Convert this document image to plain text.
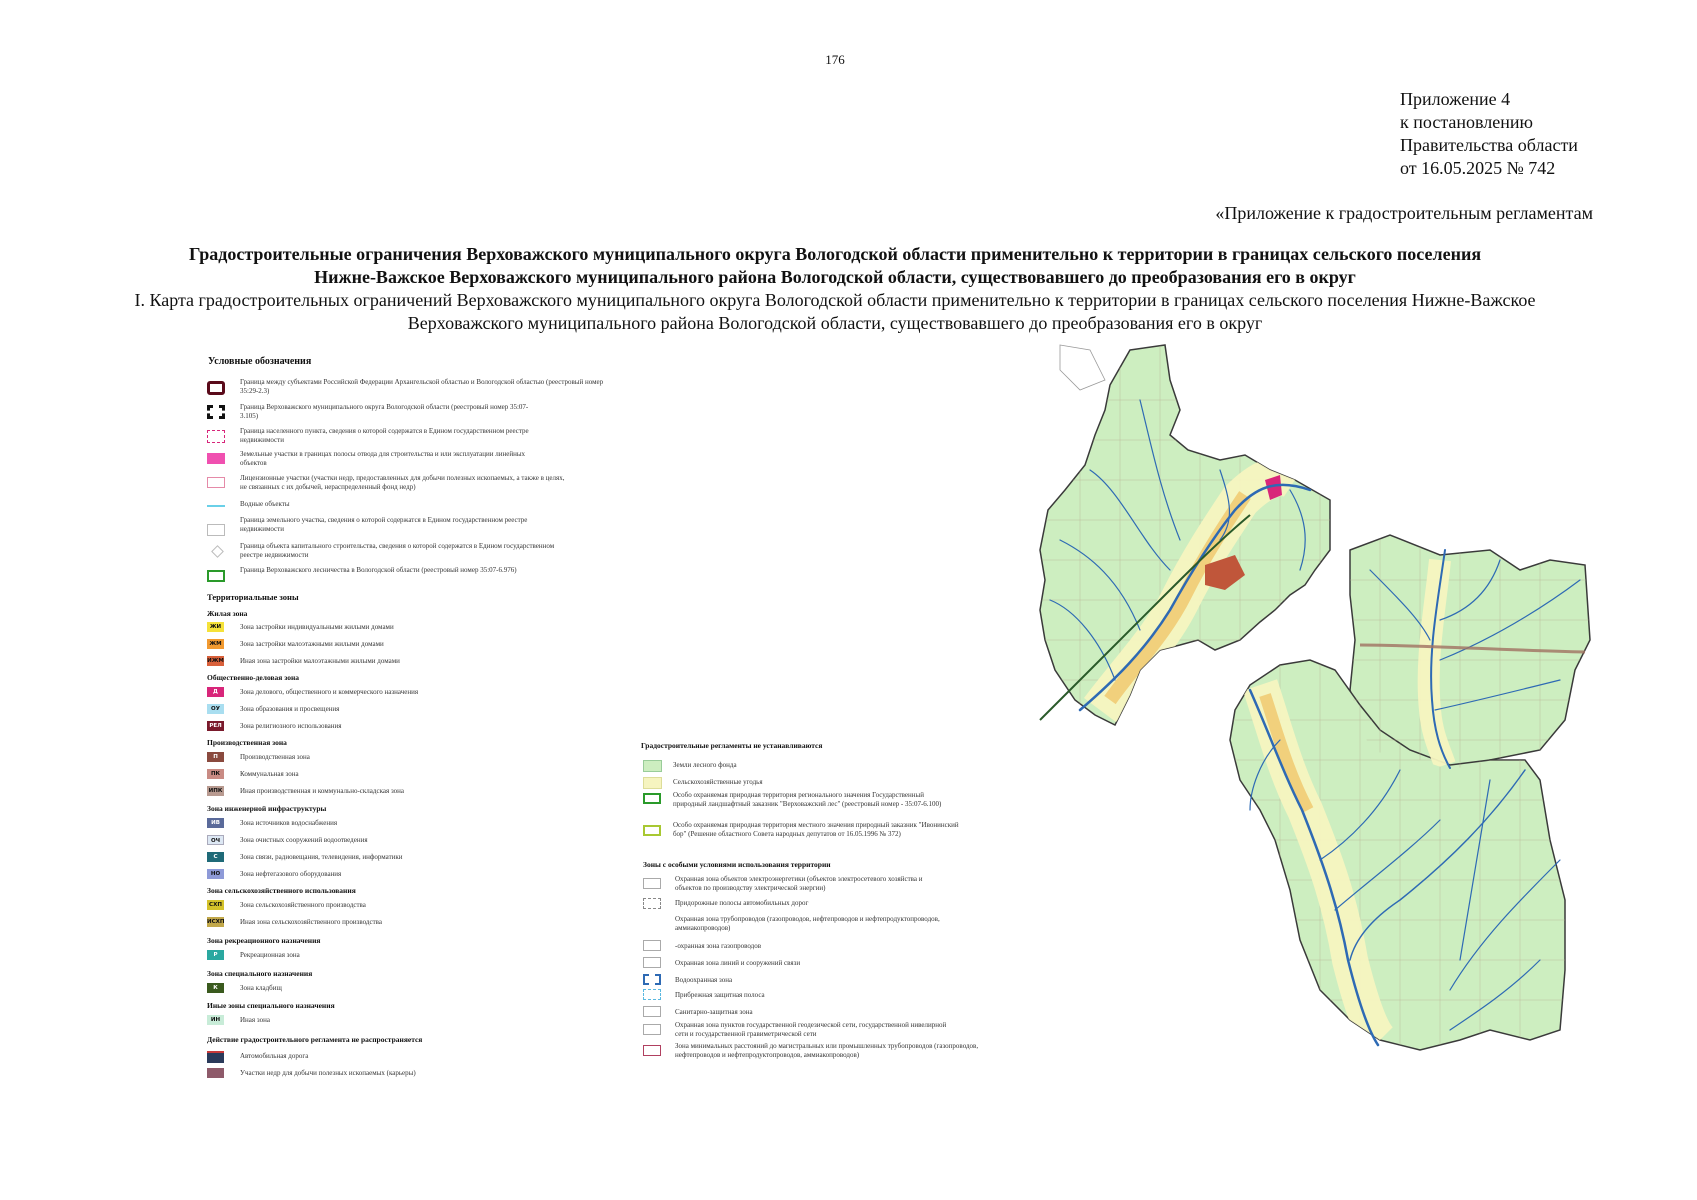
176
Приложение 4
к постановлению
Правительства области
от 16.05.2025 № 742
«Приложение к градостроительным регламентам
Градостроительные ограничения Верховажского муниципального округа Вологодской области применительно к территории в границах сельского поселения
Нижне-Важское Верховажского муниципального района Вологодской области, существовавшего до преобразования его в округ
I. Карта градостроительных ограничений Верховажского муниципального округа Вологодской области применительно к территории в границах сельского поселения Нижне-Важское
Верховажского муниципального района Вологодской области, существовавшего до преобразования его в округ
Условные обозначения
Граница между субъектами Российской Федерации Архангельской областью и Вологодской областью (реестровый номер 35:29-2.3)
Граница Верховажского муниципального округа Вологодской области (реестровый номер 35:07-3.105)
Граница населенного пункта, сведения о которой содержатся в Едином государственном реестре недвижимости
Земельные участки в границах полосы отвода для строительства и или эксплуатации линейных объектов
Лицензионные участки (участки недр, предоставленных для добычи полезных ископаемых, а также в целях, не связанных с их добычей, нераспределенный фонд недр)
Водные объекты
Граница земельного участка, сведения о которой содержатся в Едином государственном реестре недвижимости
Граница объекта капитального строительства, сведения о которой содержатся в Едином государственном реестре недвижимости
Граница Верховажского лесничества в Вологодской области (реестровый номер 35:07-6.976)
Территориальные зоны
Жилая зона
ЖИ	Зона застройки индивидуальными жилыми домами
ЖМ	Зона застройки малоэтажными жилыми домами
ИЖМ Иная зона застройки малоэтажными жилыми домами
Общественно-деловая зона
Д	Зона делового, общественного и коммерческого назначения
ОУ	Зона образования и просвещения
РЕЛ	Зона религиозного использования
Производственная зона
П	Производственная зона
ПК	Коммунальная зона
ИПК	Иная производственная и коммунально-складская зона
Зона инженерной инфраструктуры
ИВ	Зона источников водоснабжения
ОЧ	Зона очистных сооружений водоотведения
С	Зона связи, радиовещания, телевидения, информатики
НО	Зона нефтегазового оборудования
Зона сельскохозяйственного использования
СХП	Зона сельскохозяйственного производства
ИСХП Иная зона сельскохозяйственного производства
Зона рекреационного назначения
Р	Рекреационная зона
Зона специального назначения
К	Зона кладбищ
Иные зоны специального назначения
ИН	Иная зона
Действие градостроительного регламента не распространяется
Автомобильная дорога
Участки недр для добычи полезных ископаемых (карьеры)
Градостроительные регламенты не устанавливаются
Земли лесного фонда
Сельскохозяйственные угодья
Особо охраняемая природная территория регионального значения Государственный природный ландшафтный заказник "Верховажский лес" (реестровый номер - 35:07-6.100)
Особо охраняемая природная территория местного значения природный заказник "Ивонинский бор" (Решение областного Совета народных депутатов от 16.05.1996 № 372)
Зоны с особыми условиями использования территории
Охранная зона объектов электроэнергетики (объектов электросетевого хозяйства и объектов по производству электрической энергии)
Придорожные полосы автомобильных дорог
Охранная зона трубопроводов (газопроводов, нефтепроводов и нефтепродуктопроводов, аммиакопроводов)
-охранная зона газопроводов
Охранная зона линий и сооружений связи
Водоохранная зона
Прибрежная защитная полоса
Санитарно-защитная зона
Охранная зона пунктов государственной геодезической сети, государственной нивелирной сети и государственной гравиметрической сети
Зона минимальных расстояний до магистральных или промышленных трубопроводов (газопроводов, нефтепроводов и нефтепродуктопроводов, аммиакопроводов)
